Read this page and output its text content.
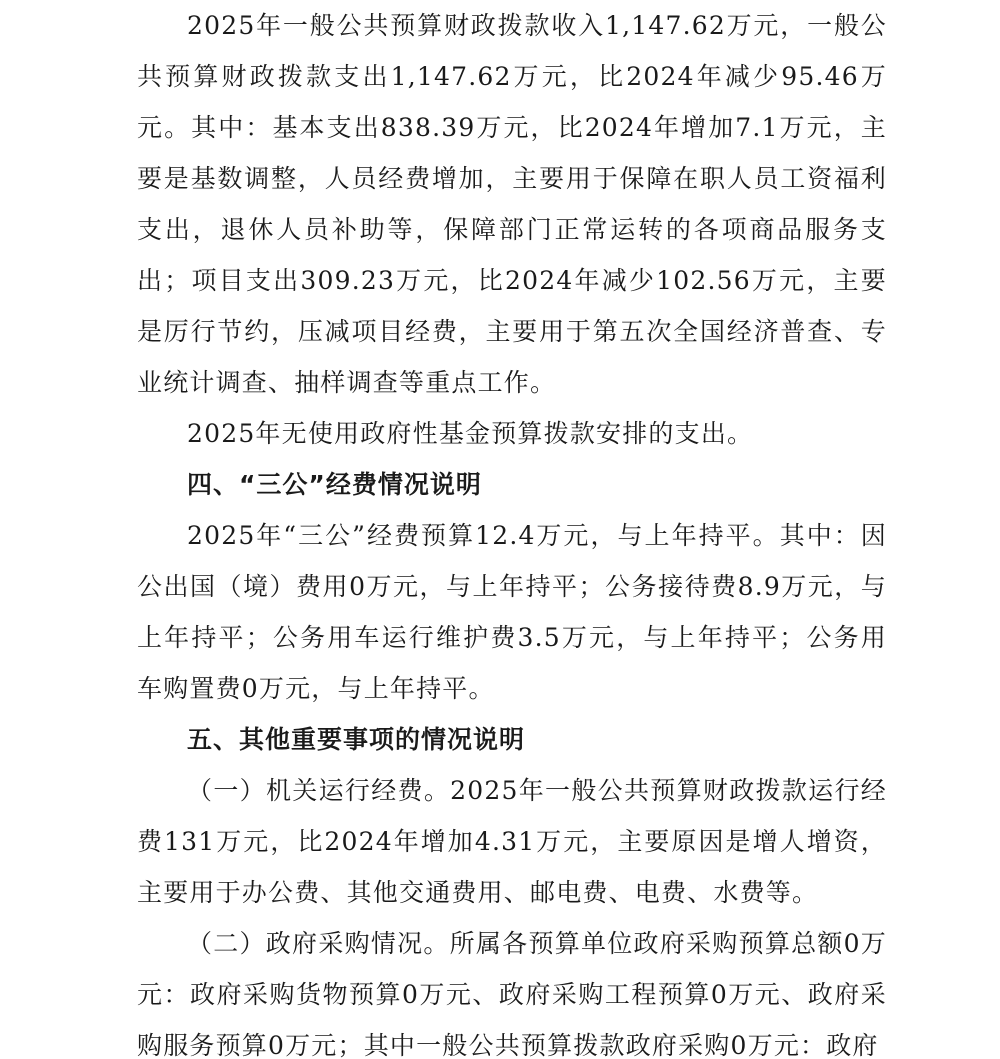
2025年一般公共预算财政拨款收入1,147.62万元，一般公共预算财政拨款支出1,147.62万元，比2024年减少95.46万元。其中：基本支出838.39万元，比2024年增加7.1万元，主要是基数调整，人员经费增加，主要用于保障在职人员工资福利支出，退休人员补助等，保障部门正常运转的各项商品服务支出；项目支出309.23万元，比2024年减少102.56万元，主要是厉行节约，压减项目经费，主要用于第五次全国经济普查、专业统计调查、抽样调查等重点工作。

2025年无使用政府性基金预算拨款安排的支出。

四、“三公”经费情况说明

2025年“三公”经费预算12.4万元，与上年持平。其中：因公出国（境）费用0万元，与上年持平；公务接待费8.9万元，与上年持平；公务用车运行维护费3.5万元，与上年持平；公务用车购置费0万元，与上年持平。

五、其他重要事项的情况说明

（一）机关运行经费。2025年一般公共预算财政拨款运行经费131万元，比2024年增加4.31万元，主要原因是增人增资，主要用于办公费、其他交通费用、邮电费、电费、水费等。

（二）政府采购情况。所属各预算单位政府采购预算总额0万元：政府采购货物预算0万元、政府采购工程预算0万元、政府采购服务预算0万元；其中一般公共预算拨款政府采购0万元：政府
